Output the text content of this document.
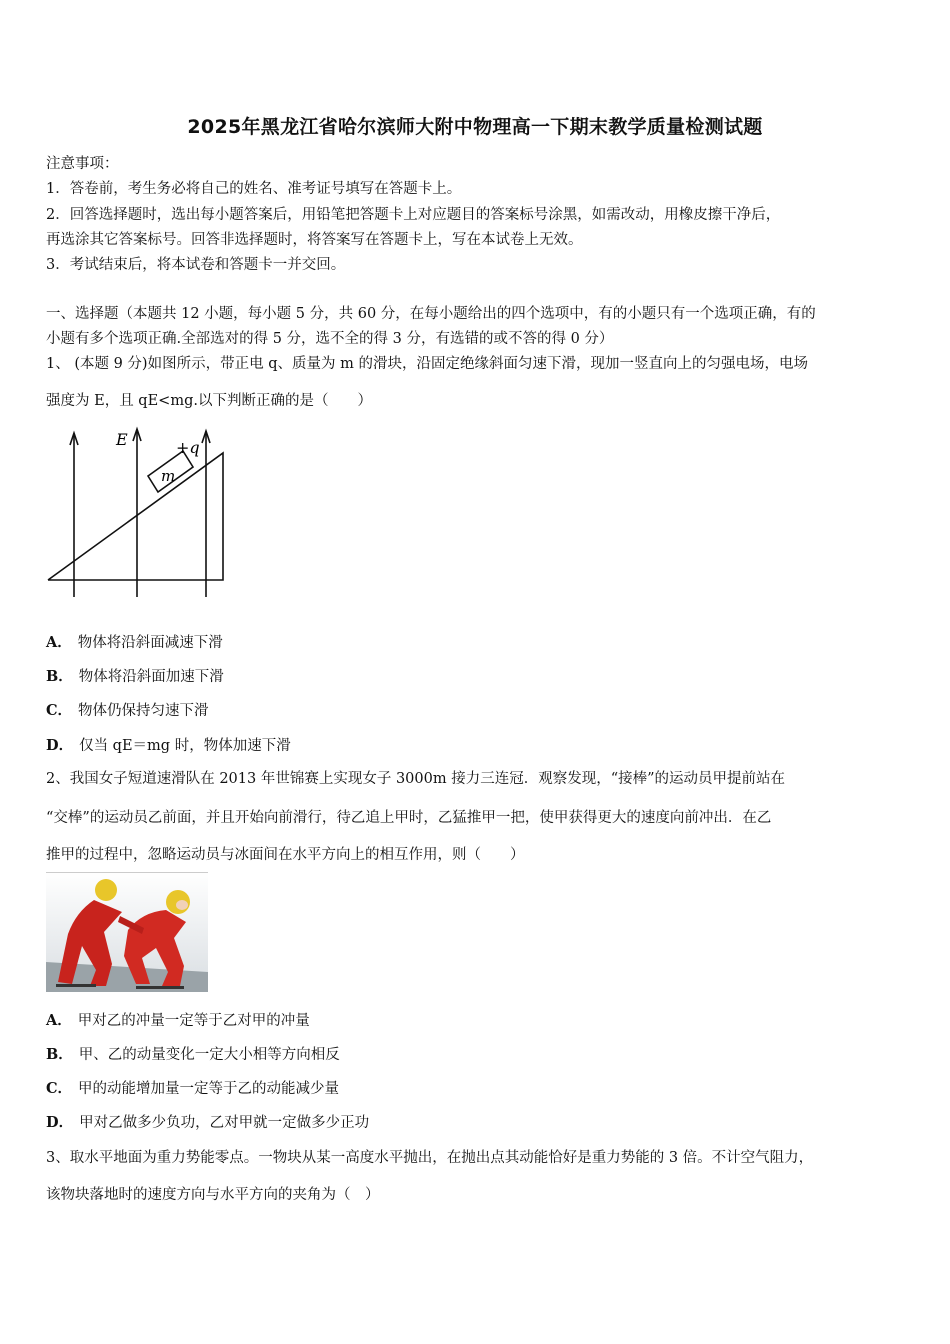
2025年黑龙江省哈尔滨师大附中物理高一下期末教学质量检测试题
注意事项：
1．答卷前，考生务必将自己的姓名、准考证号填写在答题卡上。
2．回答选择题时，选出每小题答案后，用铅笔把答题卡上对应题目的答案标号涂黑，如需改动，用橡皮擦干净后，
再选涂其它答案标号。回答非选择题时，将答案写在答题卡上，写在本试卷上无效。
3．考试结束后，将本试卷和答题卡一并交回。
一、选择题（本题共 12 小题，每小题 5 分，共 60 分，在每小题给出的四个选项中，有的小题只有一个选项正确，有的
小题有多个选项正确.全部选对的得 5 分，选不全的得 3 分，有选错的或不答的得 0 分）
1、 (本题 9 分)如图所示，带正电 q、质量为 m 的滑块，沿固定绝缘斜面匀速下滑，现加一竖直向上的匀强电场，电场
强度为 E，且 qE<mg.以下判断正确的是（　　）
E	+q
m
A． 物体将沿斜面减速下滑
B． 物体将沿斜面加速下滑
C． 物体仍保持匀速下滑
D． 仅当 qE＝mg 时，物体加速下滑
2、我国女子短道速滑队在 2013 年世锦赛上实现女子 3000m 接力三连冠．观察发现，“接棒”的运动员甲提前站在
“交棒”的运动员乙前面，并且开始向前滑行，待乙追上甲时，乙猛推甲一把，使甲获得更大的速度向前冲出．在乙
推甲的过程中，忽略运动员与冰面间在水平方向上的相互作用，则（　　）
A． 甲对乙的冲量一定等于乙对甲的冲量
B． 甲、乙的动量变化一定大小相等方向相反
C． 甲的动能增加量一定等于乙的动能减少量
D． 甲对乙做多少负功，乙对甲就一定做多少正功
3、取水平地面为重力势能零点。一物块从某一高度水平抛出，在抛出点其动能恰好是重力势能的 3 倍。不计空气阻力，
该物块落地时的速度方向与水平方向的夹角为（　）
